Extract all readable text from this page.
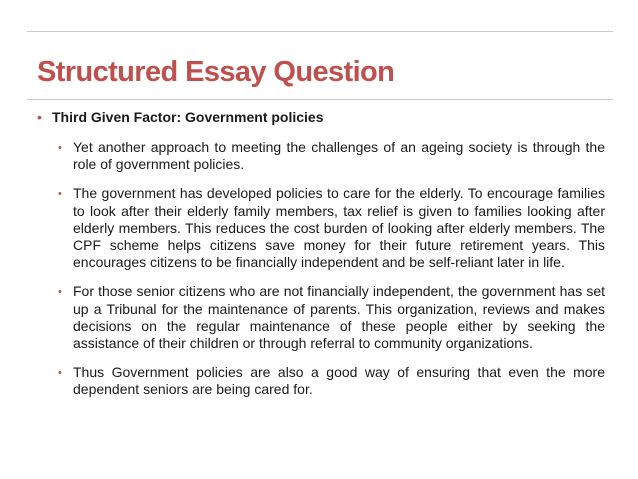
Structured Essay Question
• Third Given Factor: Government policies
• Yet another approach to meeting the challenges of an ageing society is through the role of government policies.
• The government has developed policies to care for the elderly. To encourage families to look after their elderly family members, tax relief is given to families looking after elderly members. This reduces the cost burden of looking after elderly members. The CPF scheme helps citizens save money for their future retirement years. This encourages citizens to be financially independent and be self-reliant later in life.
• For those senior citizens who are not financially independent, the government has set up a Tribunal for the maintenance of parents. This organization, reviews and makes decisions on the regular maintenance of these people either by seeking the assistance of their children or through referral to community organizations.
• Thus Government policies are also a good way of ensuring that even the more dependent seniors are being cared for.
